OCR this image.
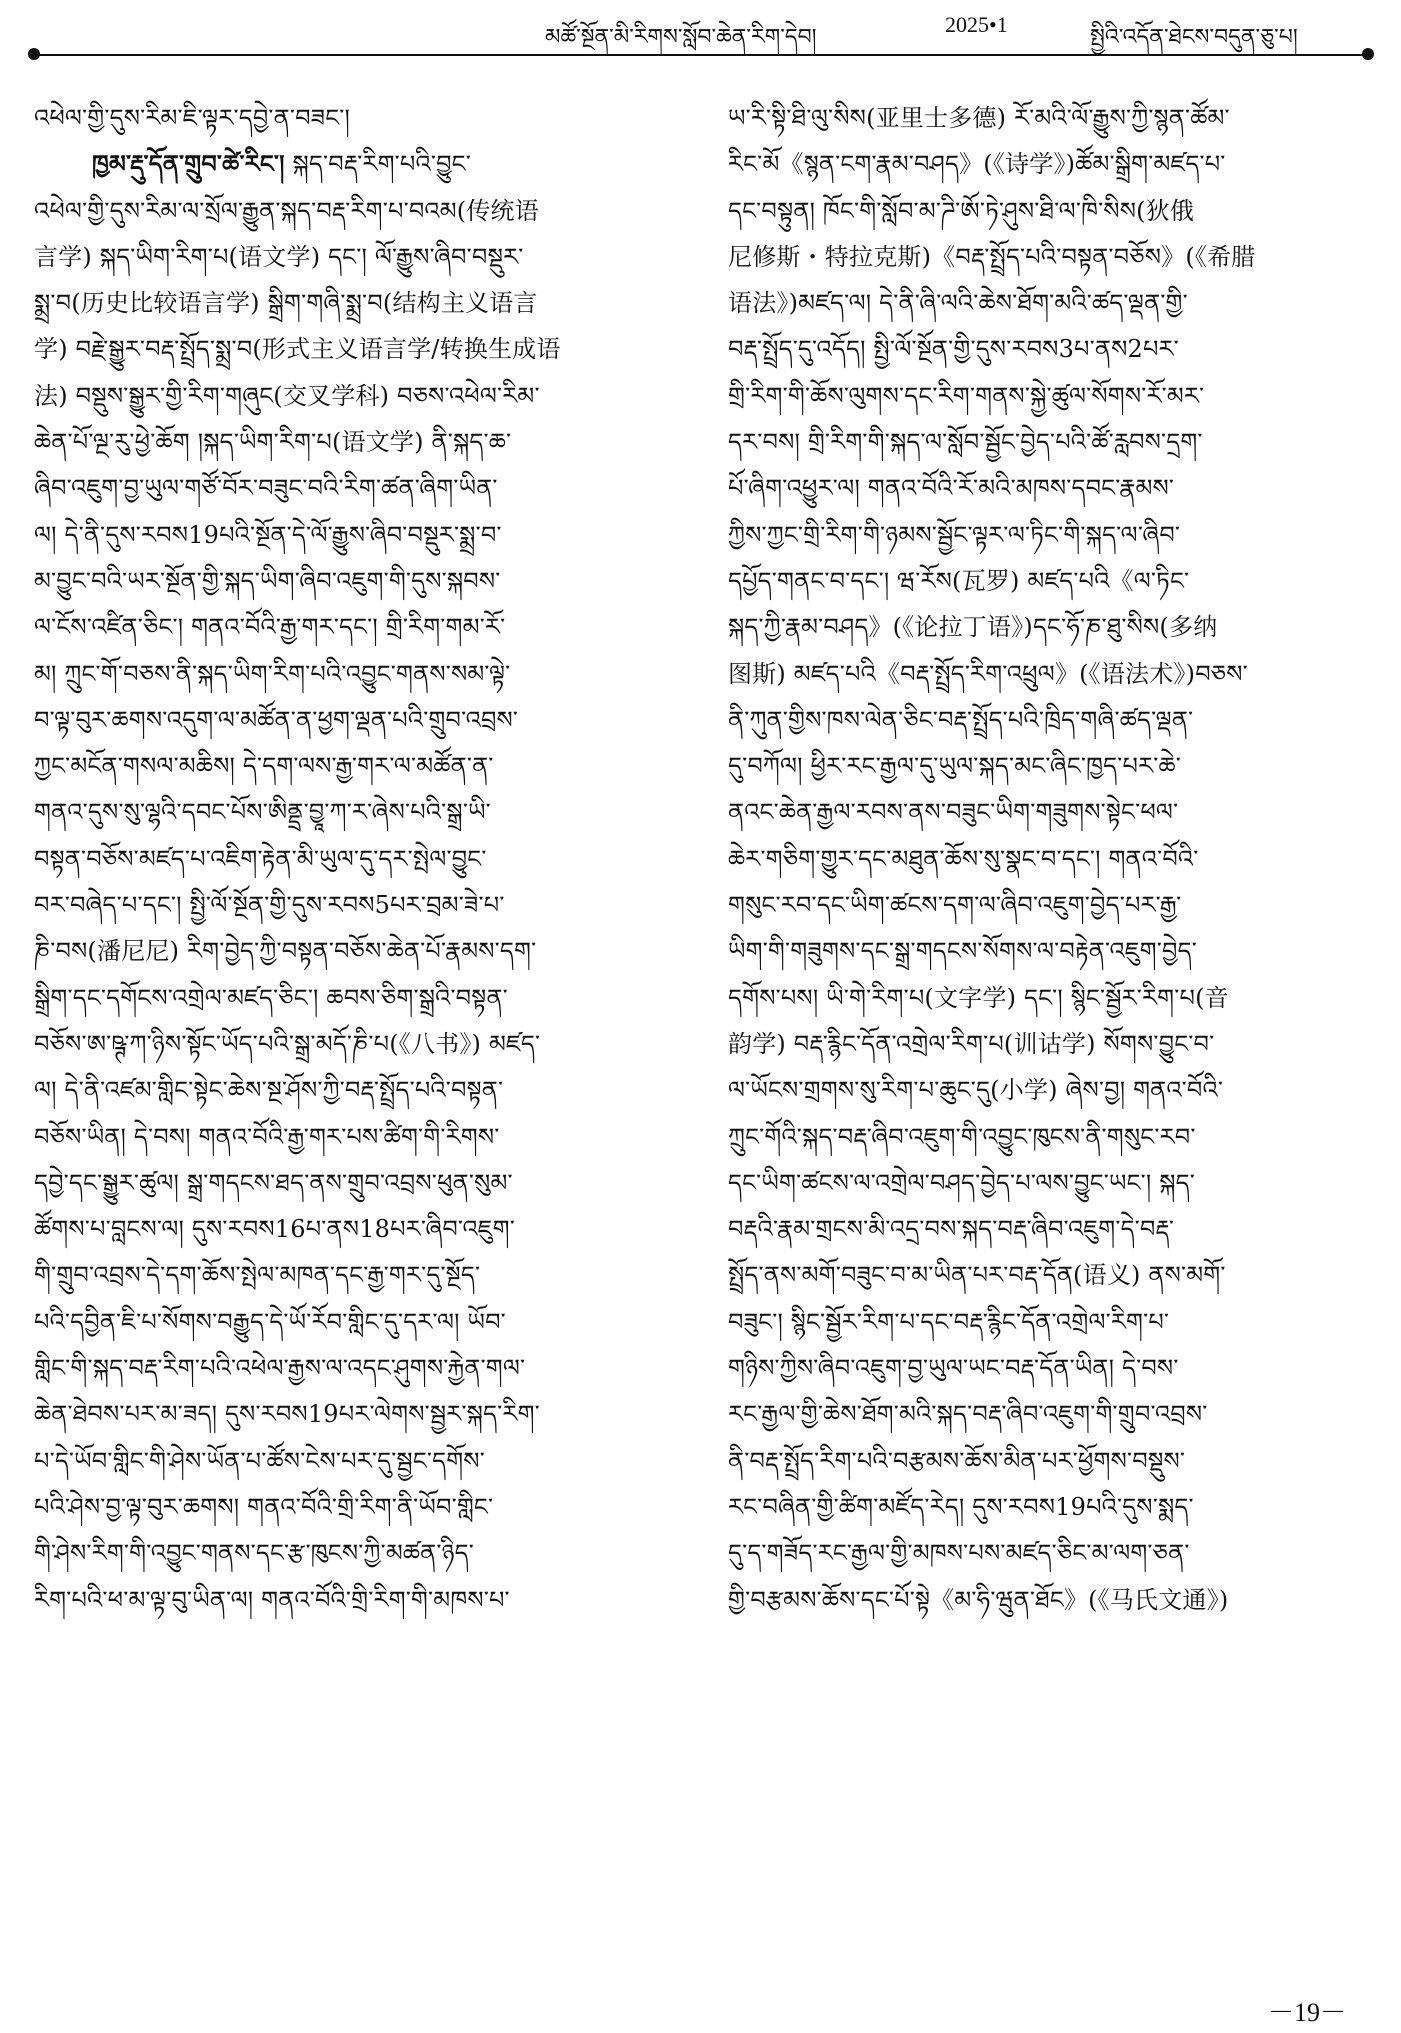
མཚོ་སྔོན་མི་རིགས་སློབ་ཆེན་རིག་དེབ།
2025•1
སྤྱིའི་འདོན་ཐེངས་བདུན་ཅུ་པ།
འཕེལ་གྱི་དུས་རིམ་ཇི་ལྟར་དབྱེ་ན་བཟང་།
ཁྱམ་རྡུ་དོན་གྲུབ་ཚེ་རིང་། སྐད་བརྡ་རིག་པའི་བྱུང་
འཕེལ་གྱི་དུས་རིམ་ལ་སྲོལ་རྒྱུན་སྐད་བརྡ་རིག་པ་བའམ(传统语
言学) སྐད་ཡིག་རིག་པ(语文学) དང་། ལོ་རྒྱུས་ཞིབ་བསྡུར་
སྨྲ་བ(历史比较语言学) སྒྲིག་གཞི་སྨྲ་བ(结构主义语言
学) བརྗེ་སྒྱུར་བརྡ་སྤྲོད་སྨྲ་བ(形式主义语言学/转换生成语
法) བསྡུས་སྒྱུར་གྱི་རིག་གཞུང(交叉学科) བཅས་འཕེལ་རིམ་
ཆེན་པོ་ལྔ་རུ་ཕྱེ་ཆོག །སྐད་ཡིག་རིག་པ(语文学) ནི་སྐད་ཆ་
ཞིབ་འཇུག་བྱ་ཡུལ་གཙོ་བོར་བཟུང་བའི་རིག་ཚན་ཞིག་ཡིན་
ལ། དེ་ནི་དུས་རབས19པའི་སྔོན་དེ་ལོ་རྒྱུས་ཞིབ་བསྡུར་སྨྲ་བ་
མ་བྱུང་བའི་ཡར་སྔོན་གྱི་སྐད་ཡིག་ཞིབ་འཇུག་གི་དུས་སྐབས་
ལ་ངོས་འཛིན་ཅིང་། གནའ་བོའི་རྒྱ་གར་དང་། གྲི་རིག་གམ་རོ་
མ། ཀྲུང་གོ་བཅས་ནི་སྐད་ཡིག་རིག་པའི་འབྱུང་གནས་སམ་ལྟེ་
བ་ལྟ་བུར་ཆགས་འདུག་ལ་མཚོན་ན་ཕྱག་ལྡན་པའི་གྲུབ་འབྲས་
ཀྱང་མངོན་གསལ་མཆིས། དེ་དག་ལས་རྒྱ་གར་ལ་མཚོན་ན་
གནའ་དུས་སུ་ལྷའི་དབང་པོས་ཨིནྡྲ་བྱཱ་ཀ་ར་ཞེས་པའི་སྒྲ་ཡི་
བསྟན་བཅོས་མཛད་པ་འཇིག་རྟེན་མི་ཡུལ་དུ་དར་སྤེལ་བྱུང་
བར་བཞེད་པ་དང་། སྤྱི་ལོ་སྔོན་གྱི་དུས་རབས5པར་བྲམ་ཟེ་པ་
ཎི་བས(潘尼尼) རིག་བྱེད་ཀྱི་བསྟན་བཅོས་ཆེན་པོ་རྣམས་དག་
སྒྲིག་དང་དགོངས་འགྲེལ་མཛད་ཅིང་། ཆབས་ཅིག་སྒྲའི་བསྟན་
བཅོས་ཨ་ཥྚ་ཀ་ཉིས་སྟོང་ཡོད་པའི་སྒྲ་མདོ་ཎི་པ(《八书》) མཛད་
ལ། དེ་ནི་འཛམ་གླིང་སྟེང་ཆེས་སྔ་ཤོས་ཀྱི་བརྡ་སྤྲོད་པའི་བསྟན་
བཅོས་ཡིན། དེ་བས། གནའ་བོའི་རྒྱ་གར་པས་ཚིག་གི་རིགས་
དབྱེ་དང་སྒྱུར་ཚུལ། སྒྲ་གདངས་ཐད་ནས་གྲུབ་འབྲས་ཕུན་སུམ་
ཚོགས་པ་བླངས་ལ། དུས་རབས16པ་ནས18པར་ཞིབ་འཇུག་
གི་གྲུབ་འབྲས་དེ་དག་ཆོས་སྤེལ་མཁན་དང་རྒྱ་གར་དུ་སྔོད་
པའི་དབྱིན་ཇི་པ་སོགས་བརྒྱུད་དེ་ཡོ་རོབ་གླིང་དུ་དར་ལ། ཡོབ་
གླིང་གི་སྐད་བརྡ་རིག་པའི་འཕེལ་རྒྱས་ལ་འདང་ཤུགས་རྐྱེན་གལ་
ཆེན་ཐེབས་པར་མ་ཟད། དུས་རབས19པར་ལེགས་སྦྱར་སྐད་རིག་
པ་དེ་ཡོབ་གླིང་གི་ཤེས་ཡོན་པ་ཚོས་ངེས་པར་དུ་སྦྱང་དགོས་
པའི་ཤེས་བྱ་ལྟ་བུར་ཆགས། གནའ་བོའི་གྲི་རིག་ནི་ཡོབ་གླིང་
གི་ཤེས་རིག་གི་འབྱུང་གནས་དང་རྩ་ཁུངས་ཀྱི་མཚན་ཉིད་
རིག་པའི་ཕ་མ་ལྟ་བུ་ཡིན་ལ། གནའ་བོའི་གྲི་རིག་གི་མཁས་པ་
ཡ་རི་སྟི་ཐི་ལུ་སིས(亚里士多德) རོ་མའི་ལོ་རྒྱུས་ཀྱི་སྙན་ཚོམ་
རིང་མོ《སྙན་ངག་རྣམ་བཤད》(《诗学》)ཚོམ་སྒྲིག་མཛད་པ་
དང་བསྟུན། ཁོང་གི་སློབ་མ་ཌི་ཨོ་ཏེ་ཤུས་ཐི་ལ་ཁི་སིས(狄俄
尼修斯・特拉克斯)《བརྡ་སྤྲོད་པའི་བསྟན་བཅོས》(《希腊
语法》)མཛད་ལ། དེ་ནི་ཞི་ལའི་ཆེས་ཐོག་མའི་ཚད་ལྡན་གྱི་
བརྡ་སྤྲོད་དུ་འདོད། སྤྱི་ལོ་སྔོན་གྱི་དུས་རབས3པ་ནས2པར་
གྲི་རིག་གི་ཆོས་ལུགས་དང་རིག་གནས་སྐྱེ་ཚུལ་སོགས་རོ་མར་
དར་བས། གྲི་རིག་གི་སྐད་ལ་སློབ་སྦྱོང་བྱེད་པའི་ཚོ་རླབས་དྲག་
པོ་ཞིག་འཕྱུར་ལ། གནའ་བོའི་རོ་མའི་མཁས་དབང་རྣམས་
ཀྱིས་ཀྱང་གྲི་རིག་གི་ཉམས་སྦྱོང་ལྟར་ལ་ཏིང་གི་སྐད་ལ་ཞིབ་
དཔྱོད་གནང་བ་དང་། ཝ་རོས(瓦罗) མཛད་པའི《ལ་ཏིང་
སྐད་ཀྱི་རྣམ་བཤད》(《论拉丁语》)དང་ཧོ་ཎ་ཐུ་སིས(多纳
图斯) མཛད་པའི《བརྡ་སྤྲོད་རིག་འཕྲུལ》(《语法术》)བཅས་
ནི་ཀུན་གྱིས་ཁས་ལེན་ཅིང་བརྡ་སྤྲོད་པའི་ཁྲིད་གཞི་ཚད་ལྡན་
དུ་བཀོལ། ཕྱིར་རང་རྒྱལ་དུ་ཡུལ་སྐད་མང་ཞིང་ཁྱད་པར་ཆེ་
ནའང་ཆེན་རྒྱལ་རབས་ནས་བཟུང་ཡིག་གཟུགས་སྟེང་ཕལ་
ཆེར་གཅིག་གྱུར་དང་མཐུན་ཆོས་སུ་སྣང་བ་དང་། གནའ་བོའི་
གསུང་རབ་དང་ཡིག་ཚངས་དག་ལ་ཞིབ་འཇུག་བྱེད་པར་རྒྱ་
ཡིག་གི་གཟུགས་དང་སྒྲ་གདངས་སོགས་ལ་བརྟེན་འཇུག་བྱེད་
དགོས་པས། ཡི་གེ་རིག་པ(文字学) དང་། སྙིང་སྦྱོར་རིག་པ(音
韵学) བརྡ་རྙིང་དོན་འགྲེལ་རིག་པ(训诂学) སོགས་བྱུང་བ་
ལ་ཡོངས་གྲགས་སུ་རིག་པ་ཆུང་དུ(小学) ཞེས་བྱ། གནའ་བོའི་
ཀྲུང་གོའི་སྐད་བརྡ་ཞིབ་འཇུག་གི་འབྱུང་ཁུངས་ནི་གསུང་རབ་
དང་ཡིག་ཚངས་ལ་འགྲེལ་བཤད་བྱེད་པ་ལས་བྱུང་ཡང་། སྐད་
བརྡའི་རྣམ་གྲངས་མི་འདྲ་བས་སྐད་བརྡ་ཞིབ་འཇུག་དེ་བརྡ་
སྤྲོད་ནས་མགོ་བཟུང་བ་མ་ཡིན་པར་བརྡ་དོན(语义) ནས་མགོ་
བཟུང་། སྙིང་སྦྱོར་རིག་པ་དང་བརྡ་རྙིང་དོན་འགྲེལ་རིག་པ་
གཉིས་ཀྱིས་ཞིབ་འཇུག་བྱ་ཡུལ་ཡང་བརྡ་དོན་ཡིན། དེ་བས་
རང་རྒྱལ་གྱི་ཆེས་ཐོག་མའི་སྐད་བརྡ་ཞིབ་འཇུག་གི་གྲུབ་འབྲས་
ནི་བརྡ་སྤྲོད་རིག་པའི་བརྩམས་ཆོས་མིན་པར་ཕྱོགས་བསྡུས་
རང་བཞིན་གྱི་ཚིག་མཛོད་རེད། དུས་རབས19པའི་དུས་སྨད་
དུ་ད་གཟོད་རང་རྒྱལ་གྱི་མཁས་པས་མཛད་ཅིང་མ་ལག་ཅན་
གྱི་བརྩམས་ཆོས་དང་པོ་སྟེ《མ་ཧི་ཝུན་ཐོང》(《马氏文通》)
－19－
